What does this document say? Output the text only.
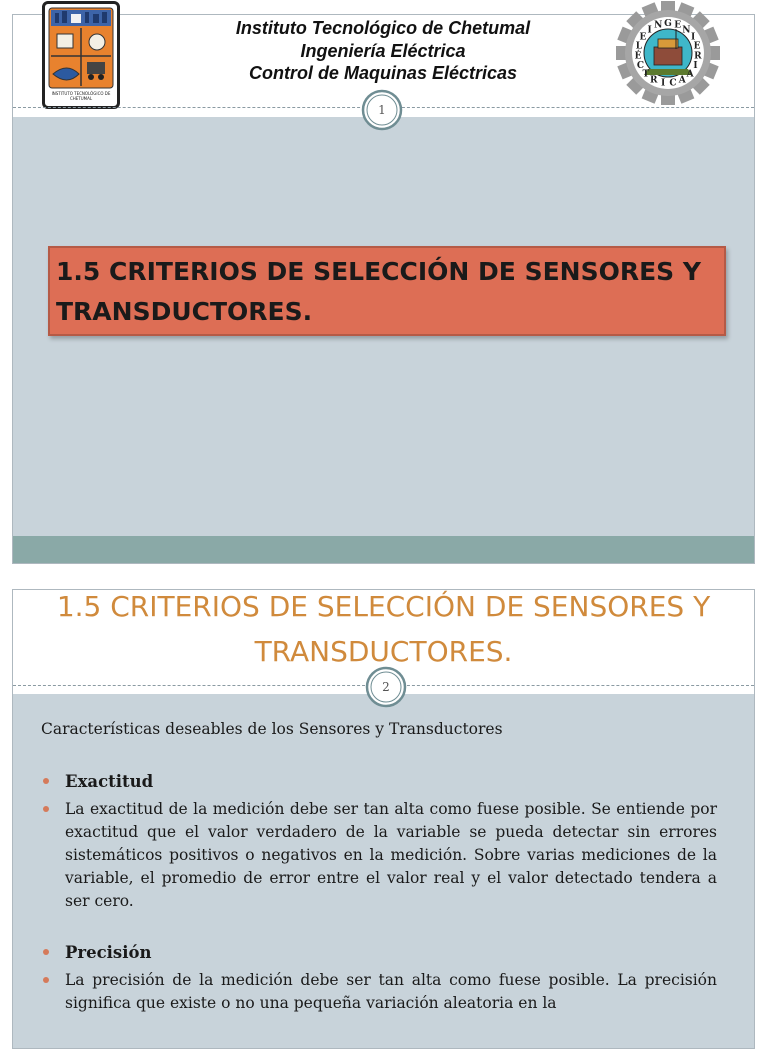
INSTITUTO TECNOLÓGICO DE CHETUMAL
Instituto Tecnológico de Chetumal
Ingeniería Eléctrica
Control de Maquinas Eléctricas
G E N
I
E
R
I
A
A
C
I
R
T
C
É
L
E
I N
1
1.5 CRITERIOS DE SELECCIÓN DE SENSORES Y TRANSDUCTORES.
1.5 CRITERIOS DE SELECCIÓN DE SENSORES Y TRANSDUCTORES.
2

Características deseables de los Sensores y Transductores

Exactitud
La exactitud de la medición debe ser tan alta como fuese posible. Se entiende por exactitud que el valor verdadero de la variable se pueda detectar sin errores sistemáticos positivos o negativos en la medición. Sobre varias mediciones de la variable, el promedio de error entre el valor real y el valor detectado tendera a ser cero.
Precisión
La precisión de la medición debe ser tan alta como fuese posible. La precisión significa que existe o no una pequeña variación aleatoria en la
